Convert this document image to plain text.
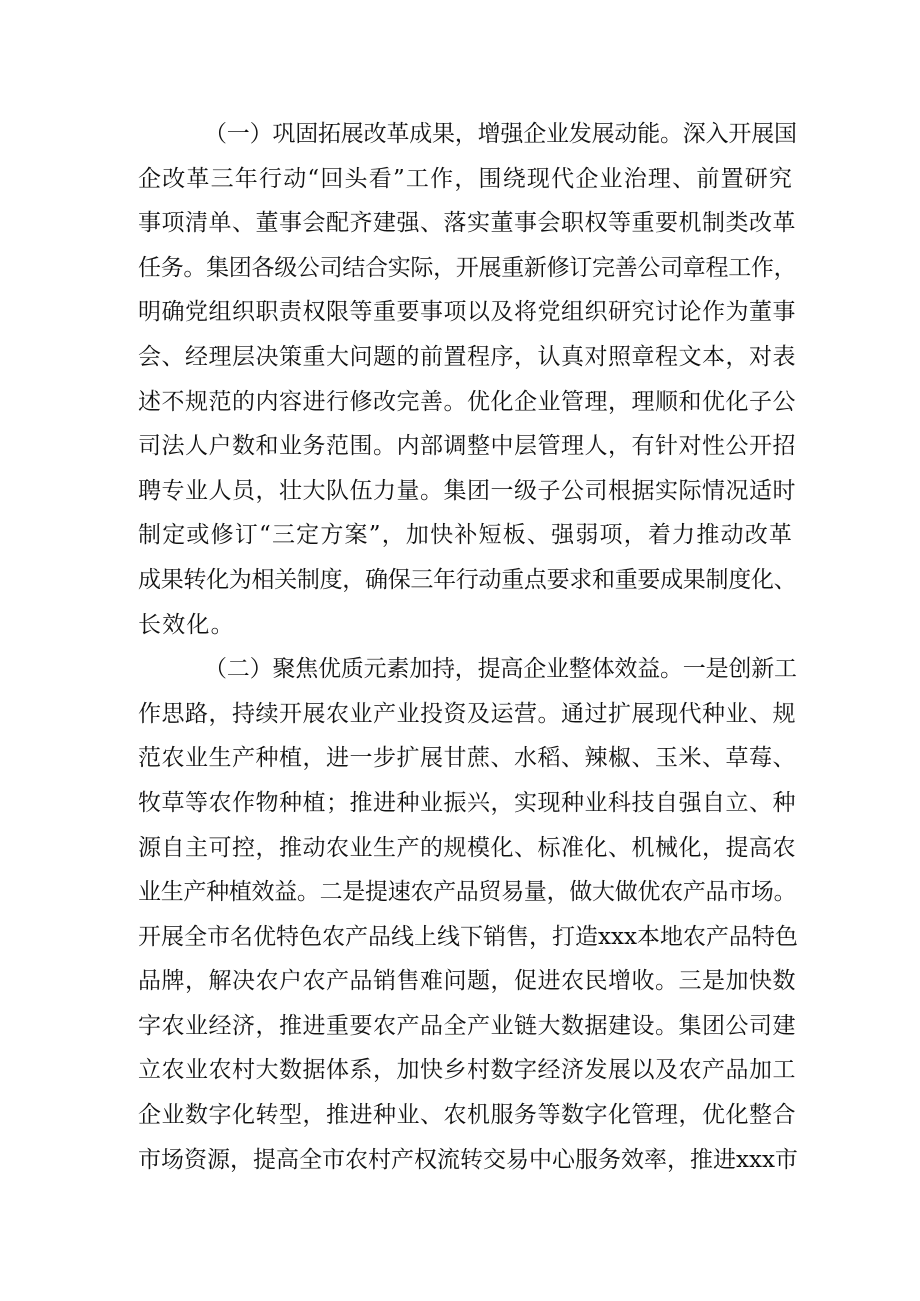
（一）巩固拓展改革成果，增强企业发展动能。深入开展国
企改革三年行动“回头看”工作，围绕现代企业治理、前置研究
事项清单、董事会配齐建强、落实董事会职权等重要机制类改革
任务。集团各级公司结合实际，开展重新修订完善公司章程工作，
明确党组织职责权限等重要事项以及将党组织研究讨论作为董事
会、经理层决策重大问题的前置程序，认真对照章程文本，对表
述不规范的内容进行修改完善。优化企业管理，理顺和优化子公
司法人户数和业务范围。内部调整中层管理人，有针对性公开招
聘专业人员，壮大队伍力量。集团一级子公司根据实际情况适时
制定或修订“三定方案”，加快补短板、强弱项，着力推动改革
成果转化为相关制度，确保三年行动重点要求和重要成果制度化、
长效化。
（二）聚焦优质元素加持，提高企业整体效益。一是创新工
作思路，持续开展农业产业投资及运营。通过扩展现代种业、规
范农业生产种植，进一步扩展甘蔗、水稻、辣椒、玉米、草莓、
牧草等农作物种植；推进种业振兴，实现种业科技自强自立、种
源自主可控，推动农业生产的规模化、标准化、机械化，提高农
业生产种植效益。二是提速农产品贸易量，做大做优农产品市场。
开展全市名优特色农产品线上线下销售，打造xxx本地农产品特色
品牌，解决农户农产品销售难问题，促进农民增收。三是加快数
字农业经济，推进重要农产品全产业链大数据建设。集团公司建
立农业农村大数据体系，加快乡村数字经济发展以及农产品加工
企业数字化转型，推进种业、农机服务等数字化管理，优化整合
市场资源，提高全市农村产权流转交易中心服务效率，推进xxx市
